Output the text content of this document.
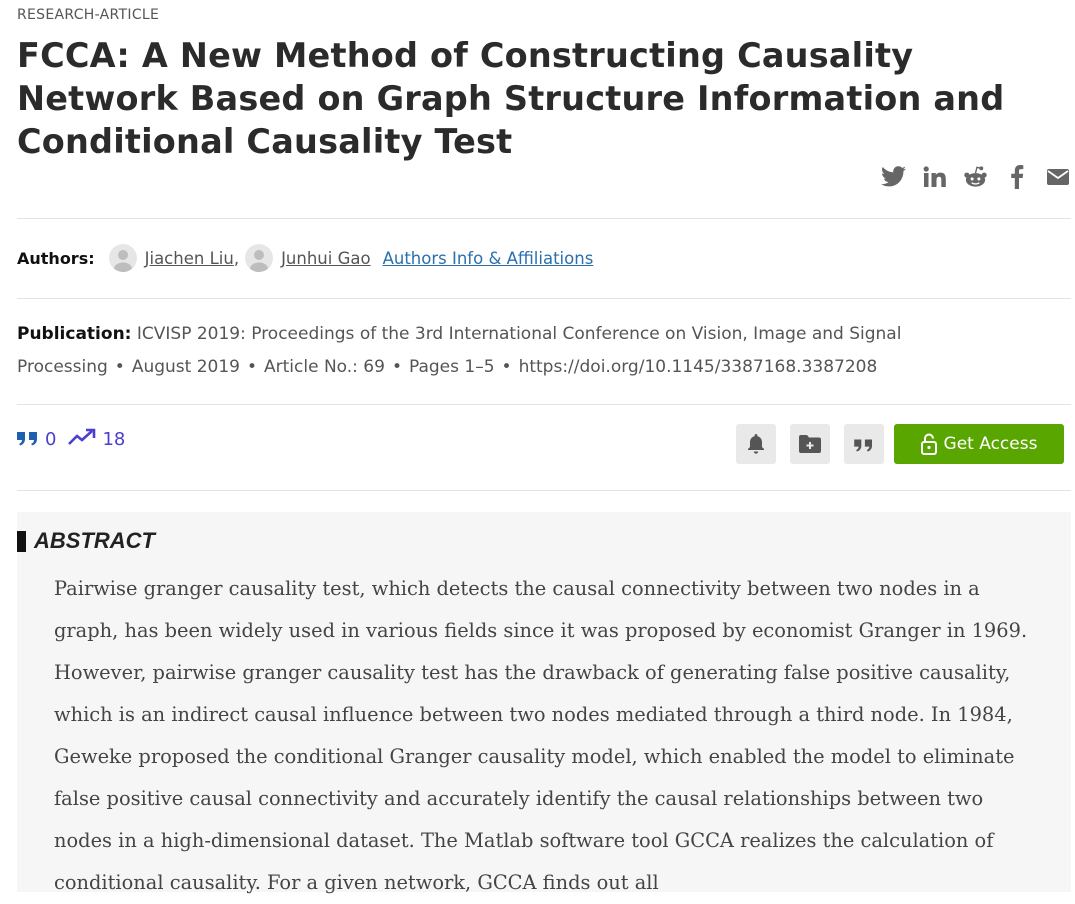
RESEARCH-ARTICLE
FCCA: A New Method of Constructing Causality Network Based on Graph Structure Information and Conditional Causality Test
Authors:	Jiachen Liu ,	Junhui Gao Authors Info & Affiliations
Publication: ICVISP 2019: Proceedings of the 3rd International Conference on Vision, Image and Signal Processing • August 2019 • Article No.: 69 • Pages 1–5 • https://doi.org/10.1145/3387168.3387208
0	18	Get Access
ABSTRACT

Pairwise granger causality test, which detects the causal connectivity between two nodes in a graph, has been widely used in various fields since it was proposed by economist Granger in 1969. However, pairwise granger causality test has the drawback of generating false positive causality, which is an indirect causal influence between two nodes mediated through a third node. In 1984, Geweke proposed the conditional Granger causality model, which enabled the model to eliminate false positive causal connectivity and accurately identify the causal relationships between two nodes in a high-dimensional dataset. The Matlab software tool GCCA realizes the calculation of conditional causality. For a given network, GCCA finds out all
